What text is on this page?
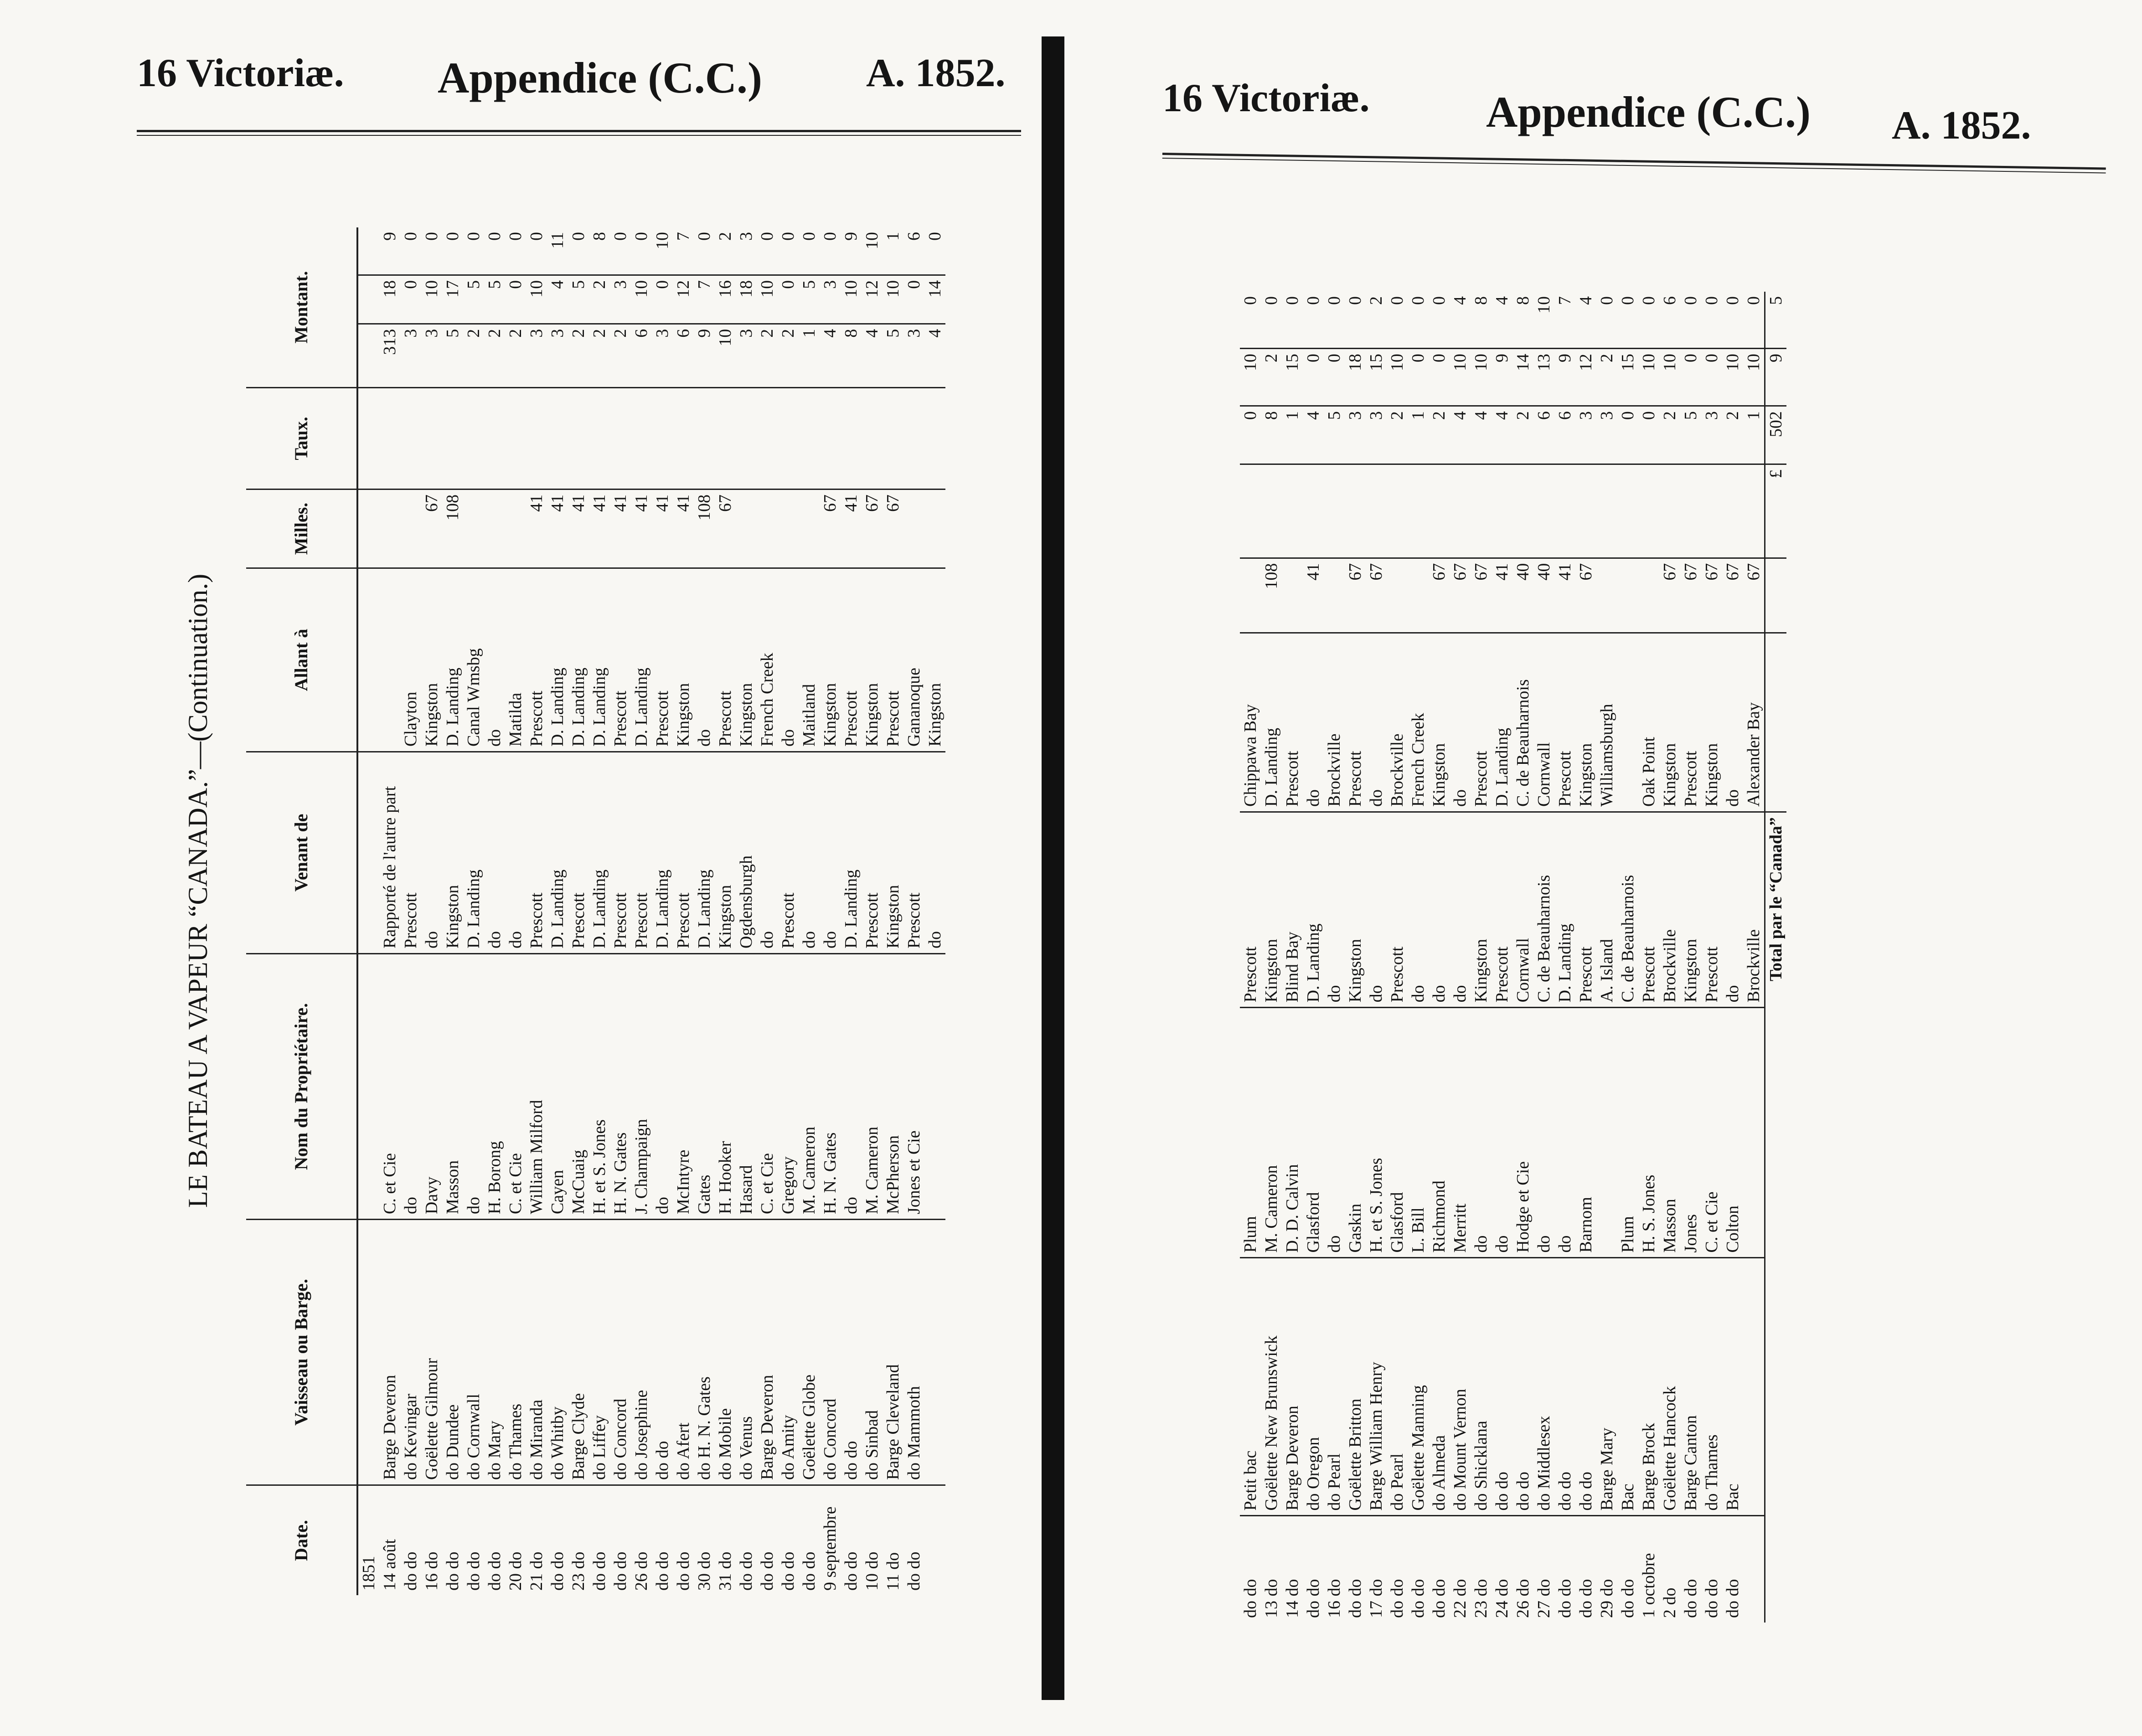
16 Victoriæ. Appendice (C.C.)	A. 1852.
LE BATEAU A VAPEUR “CANADA.”—(Continuation.)
Date.	Vaisseau ou Barge.	Nom du Propriétaire.	Venant de	Allant à	Milles.	Taux.	Montant.		
1851									
14 août	Barge Deveron	C. et Cie	Rapporté de l'autre part				313	18	9
do do	do Kevingar	do	Prescott	Clayton			3	0	0
16 do	Goëlette Gilmour	Davy	do	Kingston	67		3	10	0
do do	do Dundee	Masson	Kingston	D. Landing	108		5	17	0
do do	do Cornwall	do	D. Landing	Canal Wmsbg			2	5	0
do do	do Mary	H. Borong	do	do			2	5	0
20 do	do Thames	C. et Cie	do	Matilda			2	0	0
21 do	do Miranda	William Milford	Prescott	Prescott	41		3	10	0
do do	do Whitby	Cayen	D. Landing	D. Landing	41		3	4	11
23 do	Barge Clyde	McCuaig	Prescott	D. Landing	41		2	5	0
do do	do Liffey	H. et S. Jones	D. Landing	D. Landing	41		2	2	8
do do	do Concord	H. N. Gates	Prescott	Prescott	41		2	3	0
26 do	do Josephine	J. Champaign	Prescott	D. Landing	41		6	10	0
do do	do do	do	D. Landing	Prescott	41		3	0	10
do do	do Afert	McIntyre	Prescott	Kingston	41		6	12	7
30 do	do H. N. Gates	Gates	D. Landing	do	108		9	7	0
31 do	do Mobile	H. Hooker	Kingston	Prescott	67		10	16	2
do do	do Venus	Hasard	Ogdensburgh	Kingston			3	18	3
do do	Barge Deveron	C. et Cie	do	French Creek			2	10	0
do do	do Amity	Gregory	Prescott	do			2	0	0
do do	Goëlette Globe	M. Cameron	do	Maitland			1	5	0
9 septembre	do Concord	H. N. Gates	do	Kingston	67		4	3	0
do do	do do	do	D. Landing	Prescott	41		8	10	9
10 do	do Sinbad	M. Cameron	Prescott	Kingston	67		4	12	10
11 do	Barge Cleveland	McPherson	Kingston	Prescott	67		5	10	1
do do	do Mammoth	Jones et Cie	Prescott	Gananoque			3	0	6
			do	Kingston			4	14	0
16 Victoriæ.	Appendice (C.C.) A. 1852.
do do	Petit bac	Plum	Prescott	Chippawa Bay			0	10	0
13 do	Goëlette New Brunswick	M. Cameron	Kingston	D. Landing	108		8	2	0
14 do	Barge Deveron	D. D. Calvin	Blind Bay	Prescott			1	15	0
do do	do Oregon	Glasford	D. Landing	do	41		4	0	0
16 do	do Pearl	do	do	Brockville			5	0	0
do do	Goëlette Britton	Gaskin	Kingston	Prescott	67		3	18	0
17 do	Barge William Henry	H. et S. Jones	do	do	67		3	15	2
do do	do Pearl	Glasford	Prescott	Brockville			2	10	0
do do	Goëlette Manning	L. Bill	do	French Creek			1	0	0
do do	do Almeda	Richmond	do	Kingston	67		2	0	0
22 do	do Mount Vernon	Merritt	do	do	67		4	10	4
23 do	do Shicklana	do	Kingston	Prescott	67		4	10	8
24 do	do do	do	Prescott	D. Landing	41		4	9	4
26 do	do do	Hodge et Cie	Cornwall	C. de Beauharnois	40		2	14	8
27 do	do Middlesex	do	C. de Beauharnois	Cornwall	40		6	13	10
do do	do do	do	D. Landing	Prescott	41		6	9	7
do do	do do	Barnom	Prescott	Kingston	67		3	12	4
29 do	Barge Mary		A. Island	Williamsburgh			3	2	0
do do	Bac	Plum	C. de Beauharnois				0	15	0
1 octobre	Barge Brock	H. S. Jones	Prescott	Oak Point			0	10	0
2 do	Goëlette Hancock	Masson	Brockville	Kingston	67		2	10	6
do do	Barge Canton	Jones	Kingston	Prescott	67		5	0	0
do do	do Thames	C. et Cie	Prescott	Kingston	67		3	0	0
do do	Bac	Colton	do	do	67		2	10	0
			Brockville	Alexander Bay	67		1	10	0
Total par le “Canada”						£	502	9	5
